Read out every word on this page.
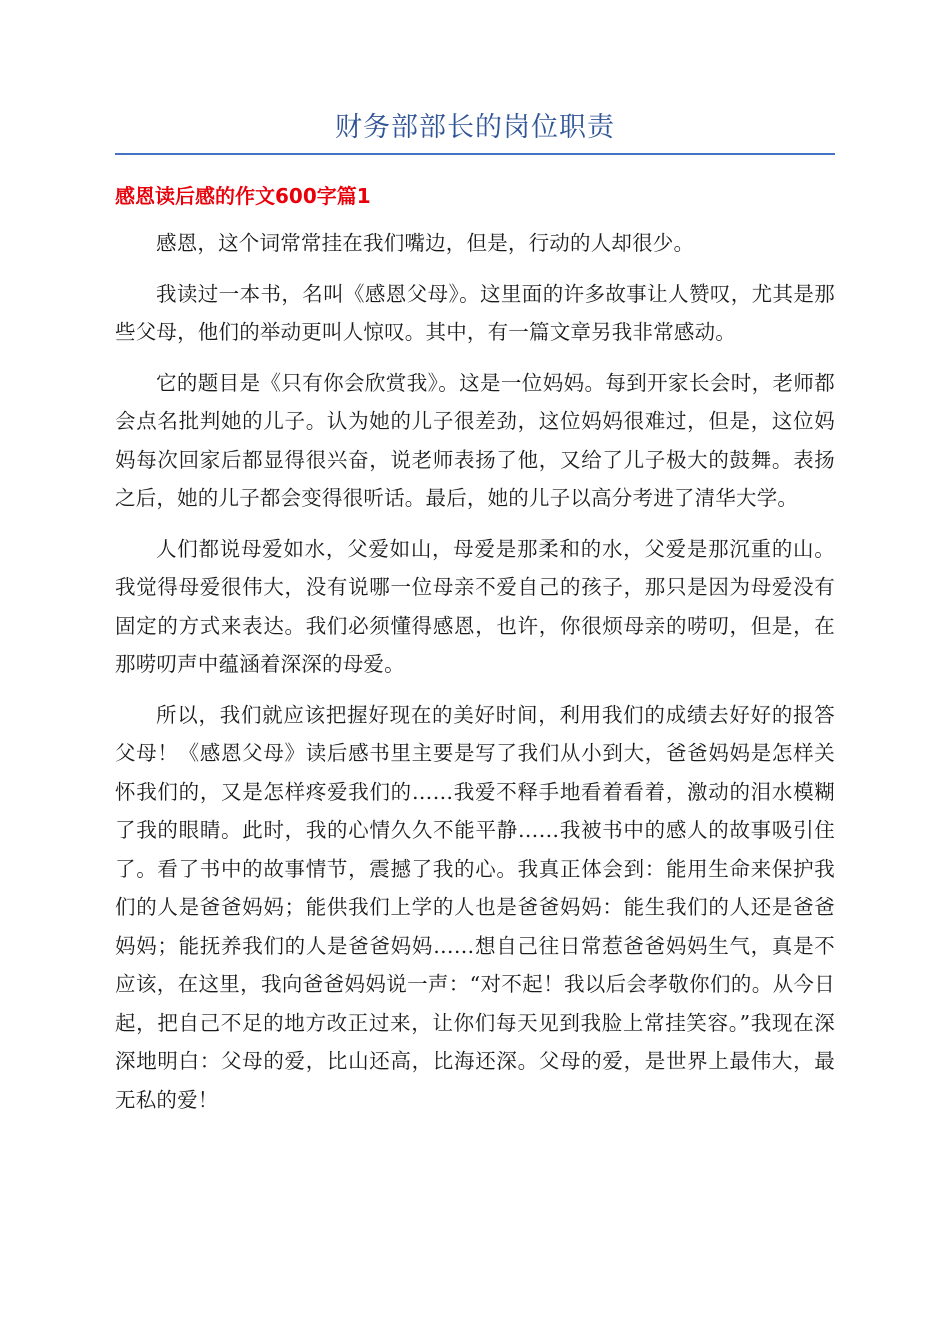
财务部部长的岗位职责
感恩读后感的作文600字篇1

感恩，这个词常常挂在我们嘴边，但是，行动的人却很少。

我读过一本书，名叫《感恩父母》。这里面的许多故事让人赞叹，尤其是那些父母，他们的举动更叫人惊叹。其中，有一篇文章另我非常感动。

它的题目是《只有你会欣赏我》。这是一位妈妈。每到开家长会时，老师都会点名批判她的儿子。认为她的儿子很差劲，这位妈妈很难过，但是，这位妈妈每次回家后都显得很兴奋，说老师表扬了他，又给了儿子极大的鼓舞。表扬之后，她的儿子都会变得很听话。最后，她的儿子以高分考进了清华大学。

人们都说母爱如水，父爱如山，母爱是那柔和的水，父爱是那沉重的山。我觉得母爱很伟大，没有说哪一位母亲不爱自己的孩子，那只是因为母爱没有固定的方式来表达。我们必须懂得感恩，也许，你很烦母亲的唠叨，但是，在那唠叨声中蕴涵着深深的母爱。

所以，我们就应该把握好现在的美好时间，利用我们的成绩去好好的报答父母！《感恩父母》读后感书里主要是写了我们从小到大，爸爸妈妈是怎样关怀我们的，又是怎样疼爱我们的……我爱不释手地看着看着，激动的泪水模糊了我的眼睛。此时，我的心情久久不能平静……我被书中的感人的故事吸引住了。看了书中的故事情节，震撼了我的心。我真正体会到：能用生命来保护我们的人是爸爸妈妈；能供我们上学的人也是爸爸妈妈：能生我们的人还是爸爸妈妈；能抚养我们的人是爸爸妈妈……想自己往日常惹爸爸妈妈生气，真是不应该，在这里，我向爸爸妈妈说一声：“对不起！我以后会孝敬你们的。从今日起，把自己不足的地方改正过来，让你们每天见到我脸上常挂笑容。”我现在深深地明白：父母的爱，比山还高，比海还深。父母的爱，是世界上最伟大，最无私的爱！
